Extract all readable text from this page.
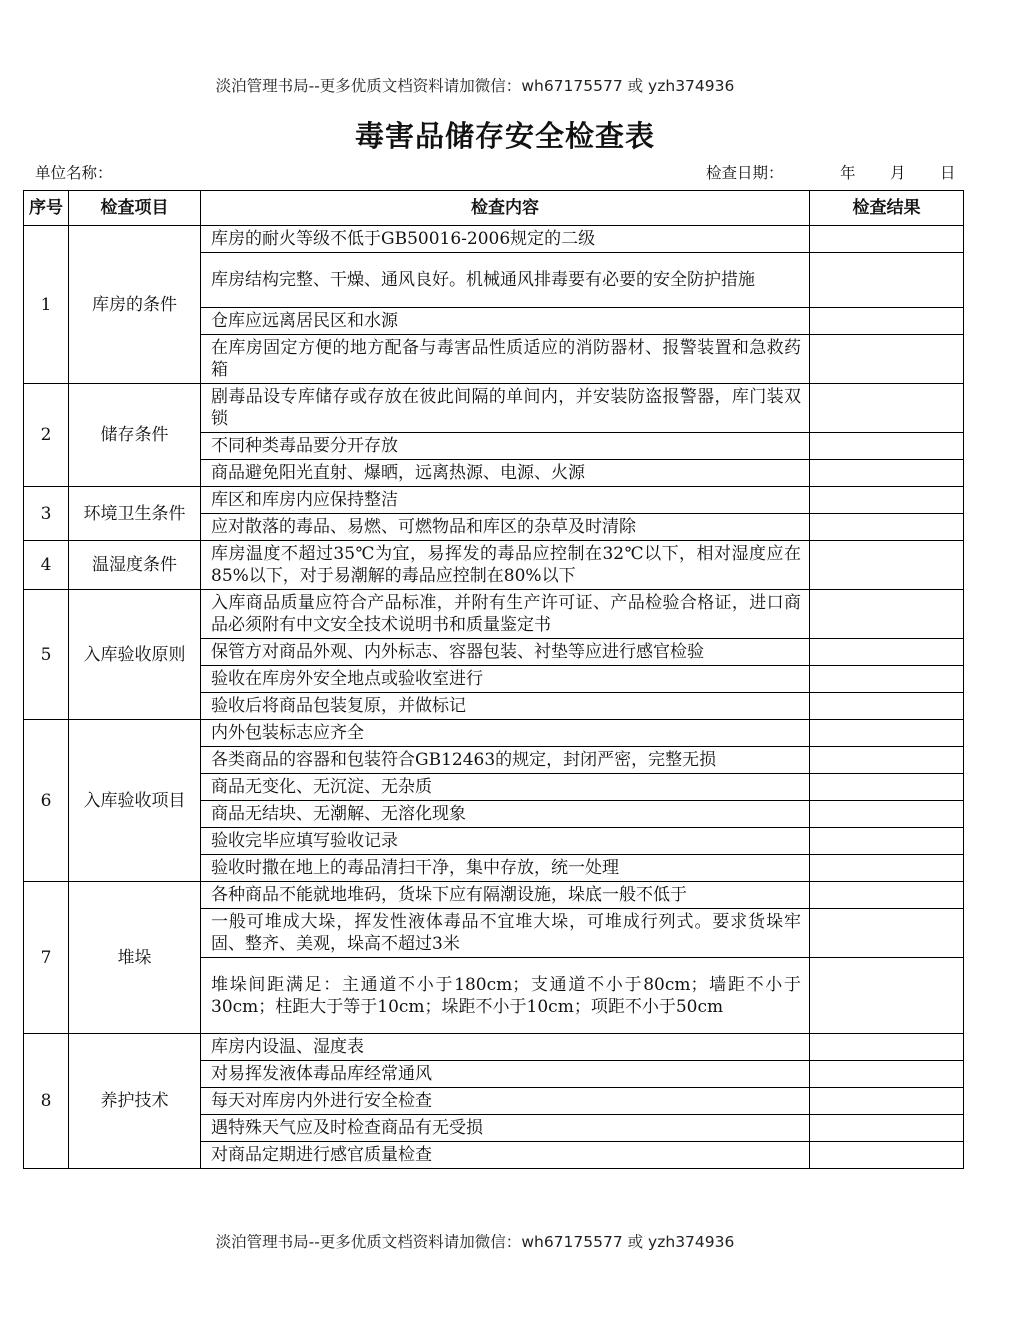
淡泊管理书局--更多优质文档资料请加微信：wh67175577 或 yzh374936
毒害品储存安全检查表
单位名称：	检查日期：	年 月 日
序号	检查项目	检查内容	检查结果
1	库房的条件	库房的耐火等级不低于GB50016-2006规定的二级	
		库房结构完整、干燥、通风良好。机械通风排毒要有必要的安全防护措施	
		仓库应远离居民区和水源	
		在库房固定方便的地方配备与毒害品性质适应的消防器材、报警装置和急救药箱	
2	储存条件	剧毒品设专库储存或存放在彼此间隔的单间内，并安装防盗报警器，库门装双锁	
		不同种类毒品要分开存放	
		商品避免阳光直射、爆晒，远离热源、电源、火源	
3	环境卫生条件	库区和库房内应保持整洁	
		应对散落的毒品、易燃、可燃物品和库区的杂草及时清除	
4	温湿度条件	库房温度不超过35℃为宜，易挥发的毒品应控制在32℃以下，相对湿度应在85%以下，对于易潮解的毒品应控制在80%以下	
5	入库验收原则	入库商品质量应符合产品标准，并附有生产许可证、产品检验合格证，进口商品必须附有中文安全技术说明书和质量鉴定书	
		保管方对商品外观、内外标志、容器包装、衬垫等应进行感官检验	
		验收在库房外安全地点或验收室进行	
		验收后将商品包装复原，并做标记	
6	入库验收项目	内外包装标志应齐全	
		各类商品的容器和包装符合GB12463的规定，封闭严密，完整无损	
		商品无变化、无沉淀、无杂质	
		商品无结块、无潮解、无溶化现象	
		验收完毕应填写验收记录	
		验收时撒在地上的毒品清扫干净，集中存放，统一处理	
7	堆垛	各种商品不能就地堆码，货垛下应有隔潮设施，垛底一般不低于	
		一般可堆成大垛，挥发性液体毒品不宜堆大垛，可堆成行列式。要求货垛牢固、整齐、美观，垛高不超过3米	
		堆垛间距满足：主通道不小于180cm；支通道不小于80cm；墙距不小于30cm；柱距大于等于10cm；垛距不小于10cm；项距不小于50cm	
8	养护技术	库房内设温、湿度表	
		对易挥发液体毒品库经常通风	
		每天对库房内外进行安全检查	
		遇特殊天气应及时检查商品有无受损	
		对商品定期进行感官质量检查	
淡泊管理书局--更多优质文档资料请加微信：wh67175577 或 yzh374936
